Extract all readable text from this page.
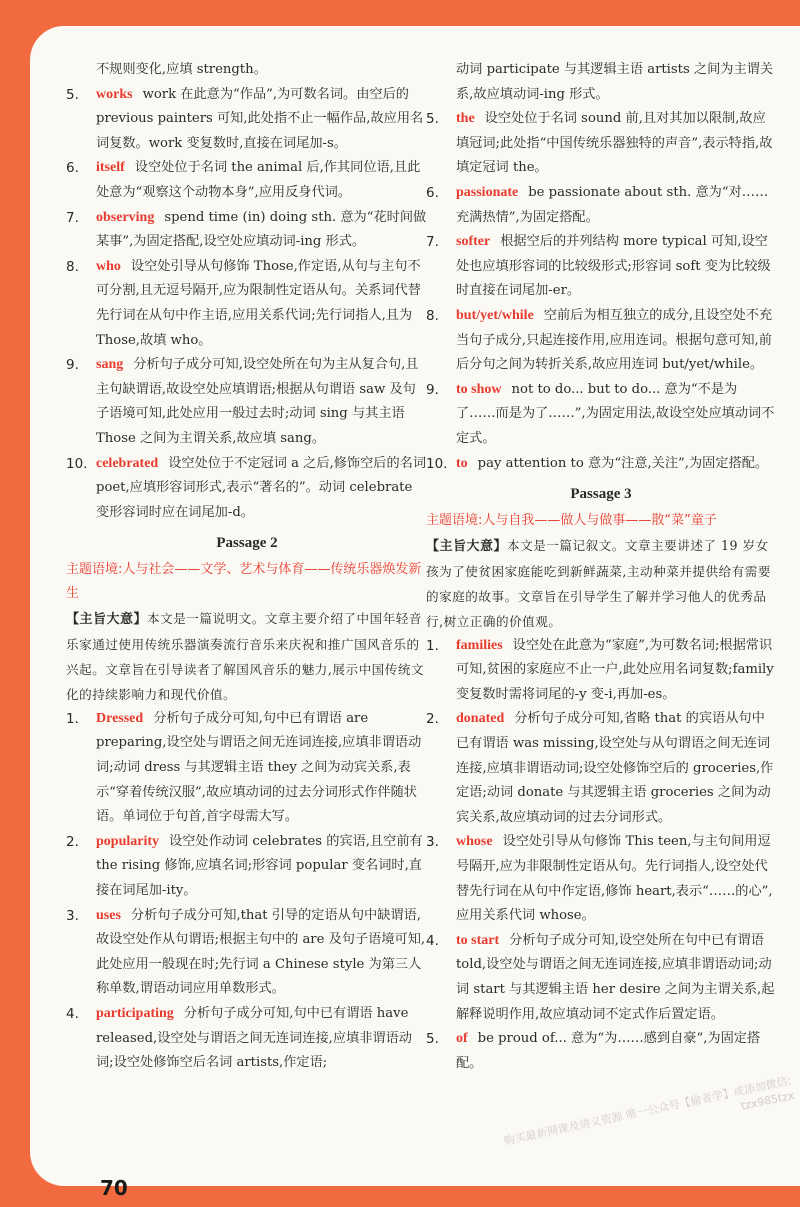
不规则变化,应填 strength。

5. works work 在此意为“作品”,为可数名词。由空后的 previous painters 可知,此处指不止一幅作品,故应用名词复数。work 变复数时,直接在词尾加-s。

6. itself 设空处位于名词 the animal 后,作其同位语,且此处意为“观察这个动物本身”,应用反身代词。

7. observing spend time (in) doing sth. 意为“花时间做某事”,为固定搭配,设空处应填动词-ing 形式。

8. who 设空处引导从句修饰 Those,作定语,从句与主句不可分割,且无逗号隔开,应为限制性定语从句。关系词代替先行词在从句中作主语,应用关系代词;先行词指人,且为 Those,故填 who。

9. sang 分析句子成分可知,设空处所在句为主从复合句,且主句缺谓语,故设空处应填谓语;根据从句谓语 saw 及句子语境可知,此处应用一般过去时;动词 sing 与其主语 Those 之间为主谓关系,故应填 sang。

10. celebrated 设空处位于不定冠词 a 之后,修饰空后的名词 poet,应填形容词形式,表示“著名的”。动词 celebrate 变形容词时应在词尾加-d。

Passage 2
主题语境:人与社会——文学、艺术与体育——传统乐器焕发新生
【主旨大意】本文是一篇说明文。文章主要介绍了中国年轻音乐家通过使用传统乐器演奏流行音乐来庆祝和推广国风音乐的兴起。文章旨在引导读者了解国风音乐的魅力,展示中国传统文化的持续影响力和现代价值。

1. Dressed 分析句子成分可知,句中已有谓语 are preparing,设空处与谓语之间无连词连接,应填非谓语动词;动词 dress 与其逻辑主语 they 之间为动宾关系,表示“穿着传统汉服”,故应填动词的过去分词形式作伴随状语。单词位于句首,首字母需大写。

2. popularity 设空处作动词 celebrates 的宾语,且空前有 the rising 修饰,应填名词;形容词 popular 变名词时,直接在词尾加-ity。

3. uses 分析句子成分可知,that 引导的定语从句中缺谓语,故设空处作从句谓语;根据主句中的 are 及句子语境可知,此处应用一般现在时;先行词 a Chinese style 为第三人称单数,谓语动词应用单数形式。

4. participating 分析句子成分可知,句中已有谓语 have released,设空处与谓语之间无连词连接,应填非谓语动词;设空处修饰空后名词 artists,作定语;

动词 participate 与其逻辑主语 artists 之间为主谓关系,故应填动词-ing 形式。

5. the 设空处位于名词 sound 前,且对其加以限制,故应填冠词;此处指“中国传统乐器独特的声音”,表示特指,故填定冠词 the。

6. passionate be passionate about sth. 意为“对……充满热情”,为固定搭配。

7. softer 根据空后的并列结构 more typical 可知,设空处也应填形容词的比较级形式;形容词 soft 变为比较级时直接在词尾加-er。

8. but/yet/while 空前后为相互独立的成分,且设空处不充当句子成分,只起连接作用,应用连词。根据句意可知,前后分句之间为转折关系,故应用连词 but/yet/while。

9. to show not to do... but to do... 意为“不是为了……而是为了……”,为固定用法,故设空处应填动词不定式。

10. to pay attention to 意为“注意,关注”,为固定搭配。

Passage 3
主题语境:人与自我——做人与做事——散“菜”童子
【主旨大意】本文是一篇记叙文。文章主要讲述了 19 岁女孩为了使贫困家庭能吃到新鲜蔬菜,主动种菜并提供给有需要的家庭的故事。文章旨在引导学生了解并学习他人的优秀品行,树立正确的价值观。

1. families 设空处在此意为“家庭”,为可数名词;根据常识可知,贫困的家庭应不止一户,此处应用名词复数;family 变复数时需将词尾的-y 变-i,再加-es。

2. donated 分析句子成分可知,省略 that 的宾语从句中已有谓语 was missing,设空处与从句谓语之间无连词连接,应填非谓语动词;设空处修饰空后的 groceries,作定语;动词 donate 与其逻辑主语 groceries 之间为动宾关系,故应填动词的过去分词形式。

3. whose 设空处引导从句修饰 This teen,与主句间用逗号隔开,应为非限制性定语从句。先行词指人,设空处代替先行词在从句中作定语,修饰 heart,表示“……的心”,应用关系代词 whose。

4. to start 分析句子成分可知,设空处所在句中已有谓语 told,设空处与谓语之间无连词连接,应填非谓语动词;动词 start 与其逻辑主语 her desire 之间为主谓关系,起解释说明作用,故应填动词不定式作后置定语。

5. of be proud of... 意为“为……感到自豪”,为固定搭配。

70
购买最新网课及讲义资源 唯一公众号【偷者学】或添加微信: tzx985tzx
